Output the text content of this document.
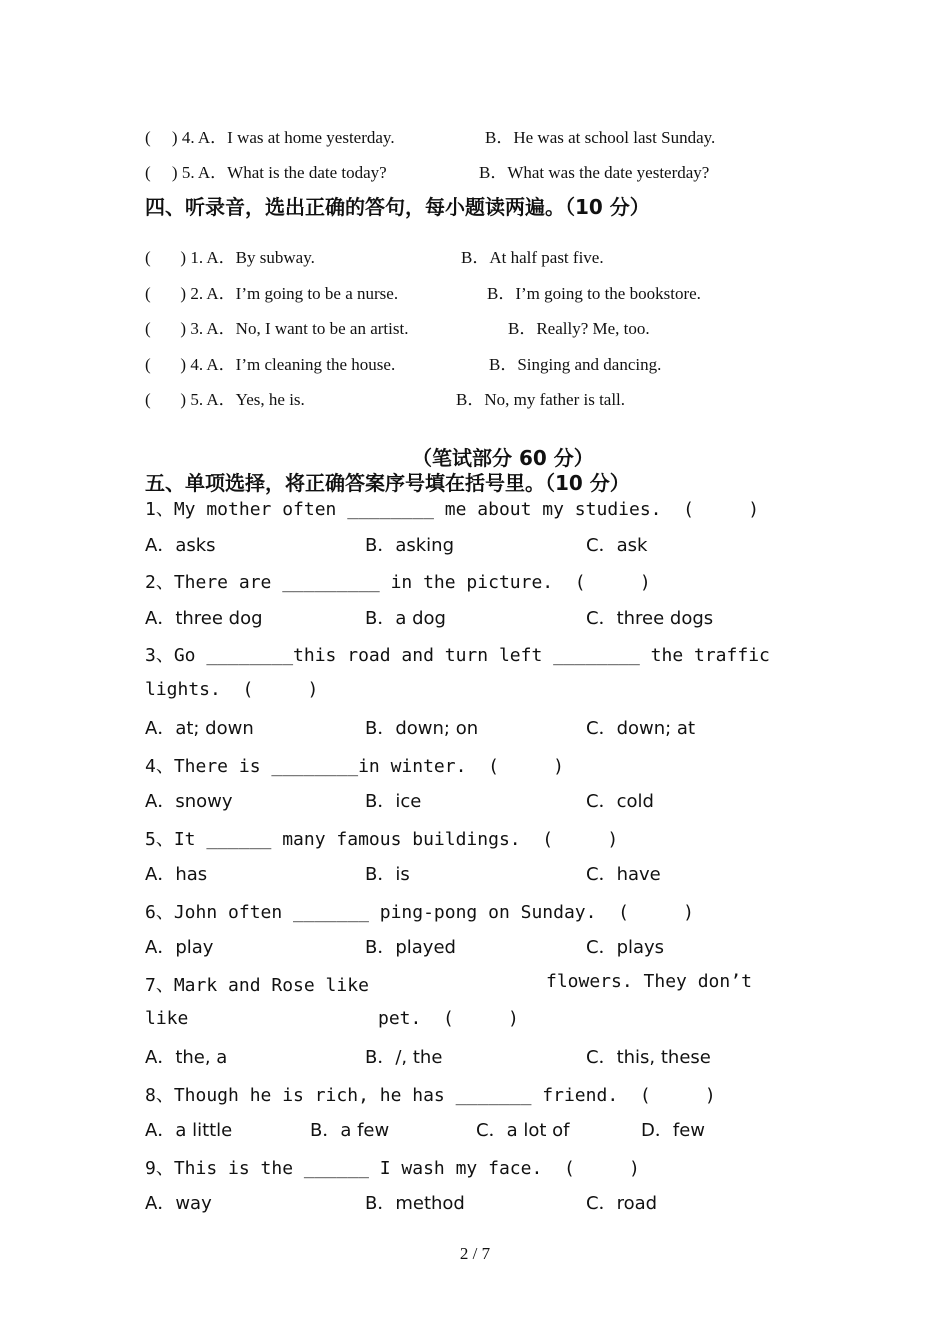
(     ) 4. A．I was at home yesterday.

	B．He was at school last Sunday.

(     ) 5. A．What is the date today?

	B．What was the date yesterday?

四、听录音，选出正确的答句，每小题读两遍。（10 分）

(       ) 1. A．By subway.

	B．At half past five.

(       ) 2. A．I’m going to be a nurse.

	B．I’m going to the bookstore.

(       ) 3. A．No, I want to be an artist.

	B．Really? Me, too.

(       ) 4. A．I’m cleaning the house.

	B．Singing and dancing.

(       ) 5. A．Yes, he is.

	B．No, my father is tall.

（笔试部分 60 分）
五、单项选择，将正确答案序号填在括号里。（10 分）
1、My mother often ________ me about my studies.  (     )

A．asks

	B．asking

	C．ask

2、There are _________ in the picture.  (     )

A．three dog

	B．a dog

	C．three dogs

3、Go ________this road and turn left ________ the traffic
lights.  (     )

A．at; down

	B．down; on

	C．down; at

4、There is ________in winter.  (     )

A．snowy

	B．ice

	C．cold

5、It ______ many famous buildings.  (     )

A．has

	B．is

	C．have

6、John often _______ ping-pong on Sunday.  (     )

A．play

	B．played

	C．plays

7、Mark and Rose like

	flowers. They don’t

like

	pet.  (     )

A．the, a

	B．/, the

	C．this, these

8、Though he is rich, he has _______ friend.  (     )

A．a little

	B．a few

	C．a lot of

	D．few

9、This is the ______ I wash my face.  (     )

A．way

	B．method

	C．road

2 / 7
